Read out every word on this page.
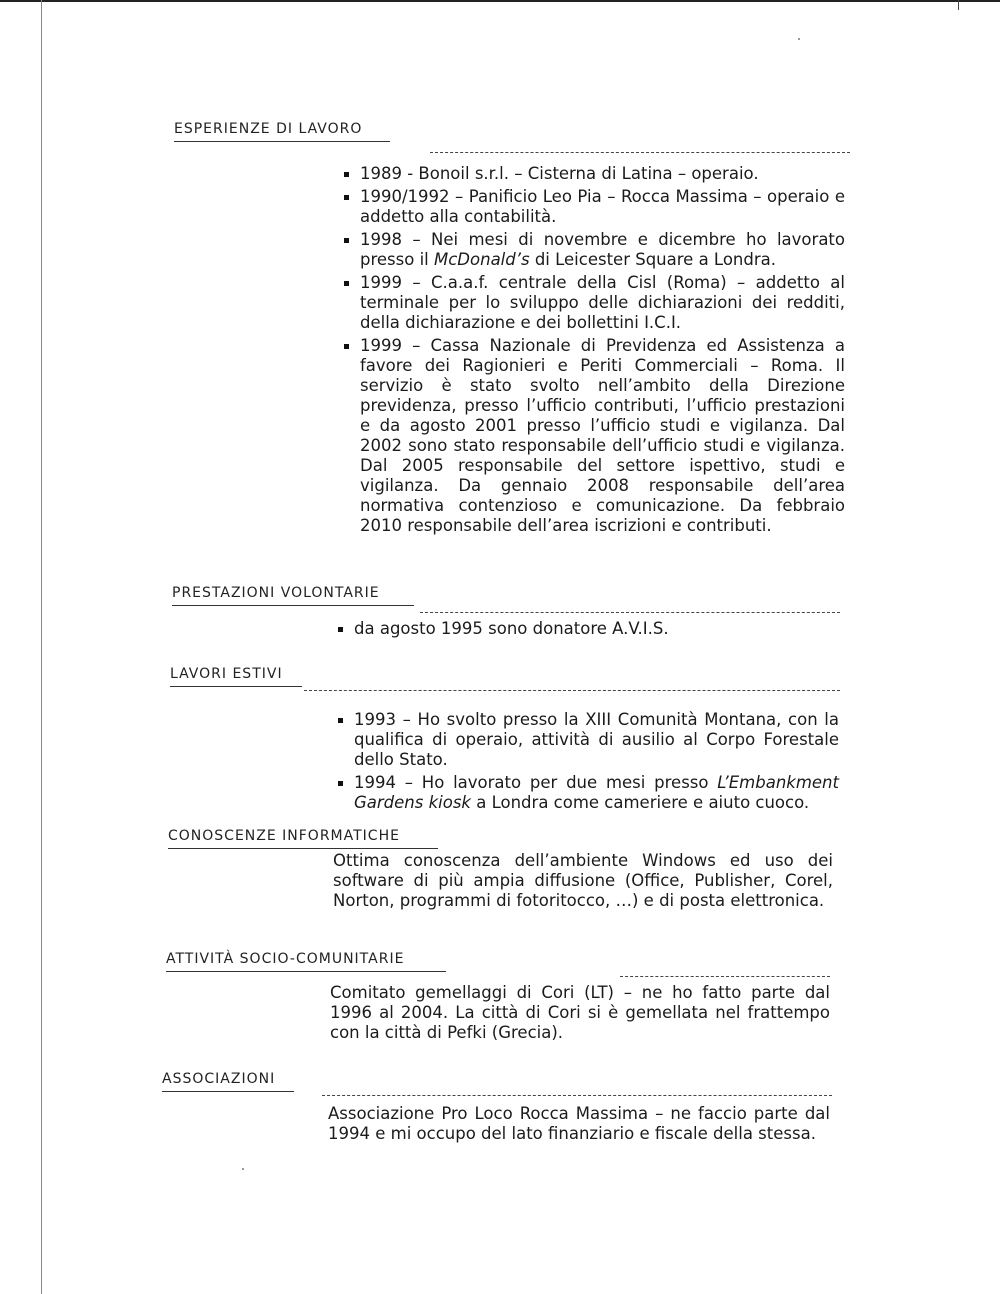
ESPERIENZE DI LAVORO
1989 - Bonoil s.r.l. – Cisterna di Latina – operaio.
1990/1992 – Panificio Leo Pia – Rocca Massima – operaio e addetto alla contabilità.
1998 – Nei mesi di novembre e dicembre ho lavorato presso il McDonald’s di Leicester Square a Londra.
1999 – C.a.a.f. centrale della Cisl (Roma) – addetto al terminale per lo sviluppo delle dichiarazioni dei redditi, della dichiarazione e dei bollettini I.C.I.
1999 – Cassa Nazionale di Previdenza ed Assistenza a favore dei Ragionieri e Periti Commerciali – Roma. Il servizio è stato svolto nell’ambito della Direzione previdenza, presso l’ufficio contributi, l’ufficio prestazioni e da agosto 2001 presso l’ufficio studi e vigilanza. Dal 2002 sono stato responsabile dell’ufficio studi e vigilanza. Dal 2005 responsabile del settore ispettivo, studi e vigilanza. Da gennaio 2008 responsabile dell’area normativa contenzioso e comunicazione. Da febbraio 2010 responsabile dell’area iscrizioni e contributi.
PRESTAZIONI VOLONTARIE
da agosto 1995 sono donatore A.V.I.S.
LAVORI ESTIVI
1993 – Ho svolto presso la XIII Comunità Montana, con la qualifica di operaio, attività di ausilio al Corpo Forestale dello Stato.
1994 – Ho lavorato per due mesi presso L’Embankment Gardens kiosk a Londra come cameriere e aiuto cuoco.
CONOSCENZE INFORMATICHE
Ottima conoscenza dell’ambiente Windows ed uso dei software di più ampia diffusione (Office, Publisher, Corel, Norton, programmi di fotoritocco, …) e di posta elettronica.
ATTIVITÀ SOCIO-COMUNITARIE
Comitato gemellaggi di Cori (LT) – ne ho fatto parte dal 1996 al 2004. La città di Cori si è gemellata nel frattempo con la città di Pefki (Grecia).
ASSOCIAZIONI
Associazione Pro Loco Rocca Massima – ne faccio parte dal 1994 e mi occupo del lato finanziario e fiscale della stessa.
